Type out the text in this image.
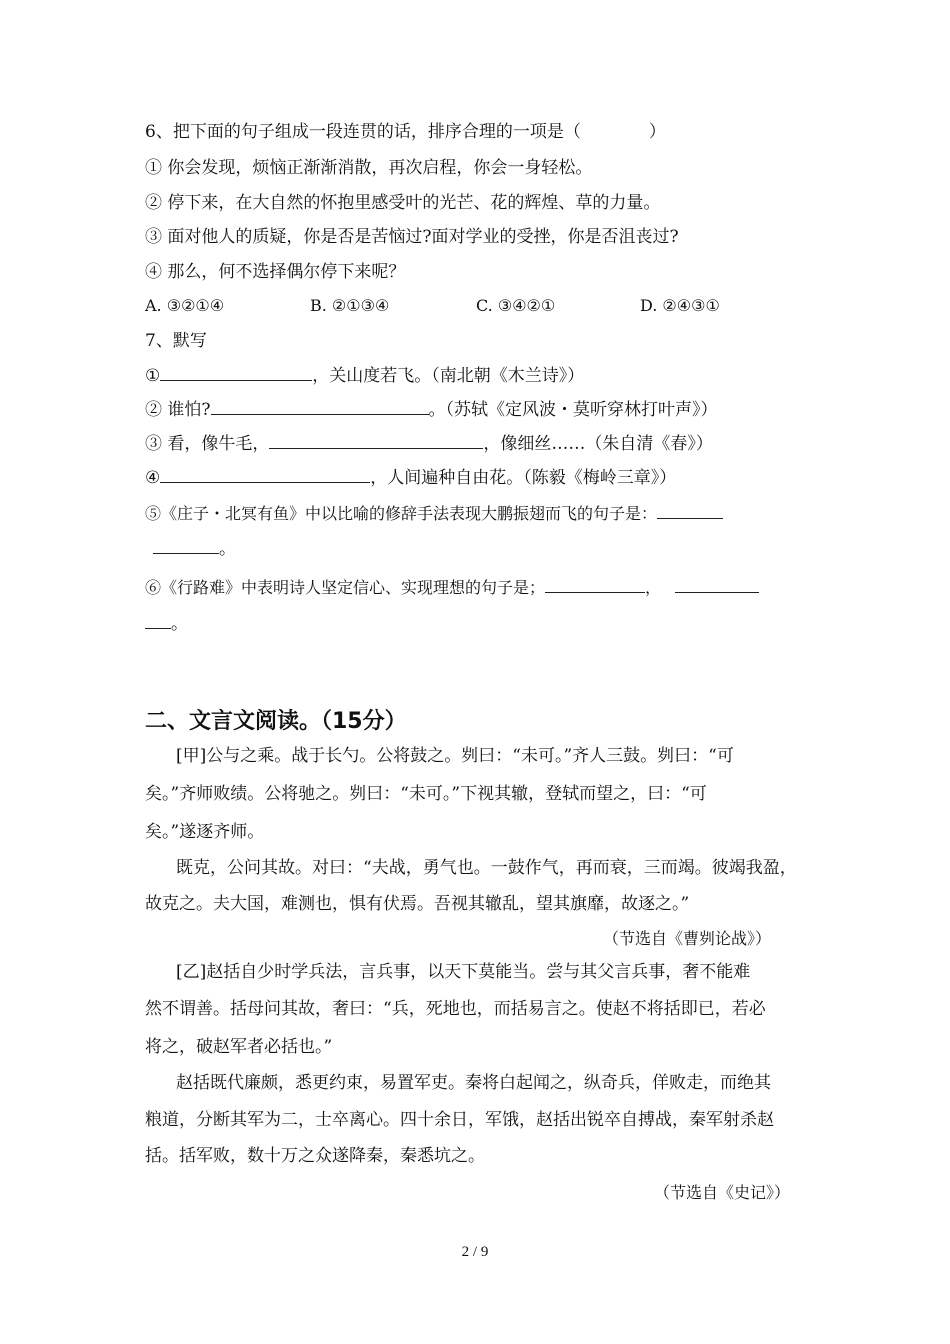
6、把下面的句子组成一段连贯的话，排序合理的一项是（　　　　）
① 你会发现，烦恼正渐渐消散，再次启程，你会一身轻松。
② 停下来，在大自然的怀抱里感受叶的光芒、花的辉煌、草的力量。
③ 面对他人的质疑，你是否是苦恼过?面对学业的受挫，你是否沮丧过?
④ 那么，何不选择偶尔停下来呢？
A. ③②①④	B. ②①③④	C. ③④②①	D. ②④③①
7、默写
①	，关山度若飞。（南北朝《木兰诗》）
② 谁怕?	。（苏轼《定风波・莫听穿林打叶声》）
③ 看，像牛毛，	，像细丝……（朱自清《春》）
④	，人间遍种自由花。（陈毅《梅岭三章》）
⑤《庄子・北冥有鱼》中以比喻的修辞手法表现大鹏振翅而飞的句子是：
。
⑥《行路难》中表明诗人坚定信心、实现理想的句子是；	，
。
二、文言文阅读。（15分）
[甲]公与之乘。战于长勺。公将鼓之。刿曰：“未可。”齐人三鼓。刿曰：“可
矣。”齐师败绩。公将驰之。刿曰：“未可。”下视其辙，登轼而望之，曰：“可
矣。”遂逐齐师。
既克，公问其故。对曰：“夫战，勇气也。一鼓作气，再而衰，三而竭。彼竭我盈，
故克之。夫大国，难测也，惧有伏焉。吾视其辙乱，望其旗靡，故逐之。”
（节选自《曹刿论战》）
[乙]赵括自少时学兵法，言兵事，以天下莫能当。尝与其父言兵事，奢不能难
然不谓善。括母问其故，奢曰：“兵，死地也，而括易言之。使赵不将括即已，若必
将之，破赵军者必括也。”
赵括既代廉颇，悉更约束，易置军吏。秦将白起闻之，纵奇兵，佯败走，而绝其
粮道，分断其军为二，士卒离心。四十余日，军饿，赵括出锐卒自搏战，秦军射杀赵
括。括军败，数十万之众遂降秦，秦悉坑之。
（节选自《史记》）
2 / 9
